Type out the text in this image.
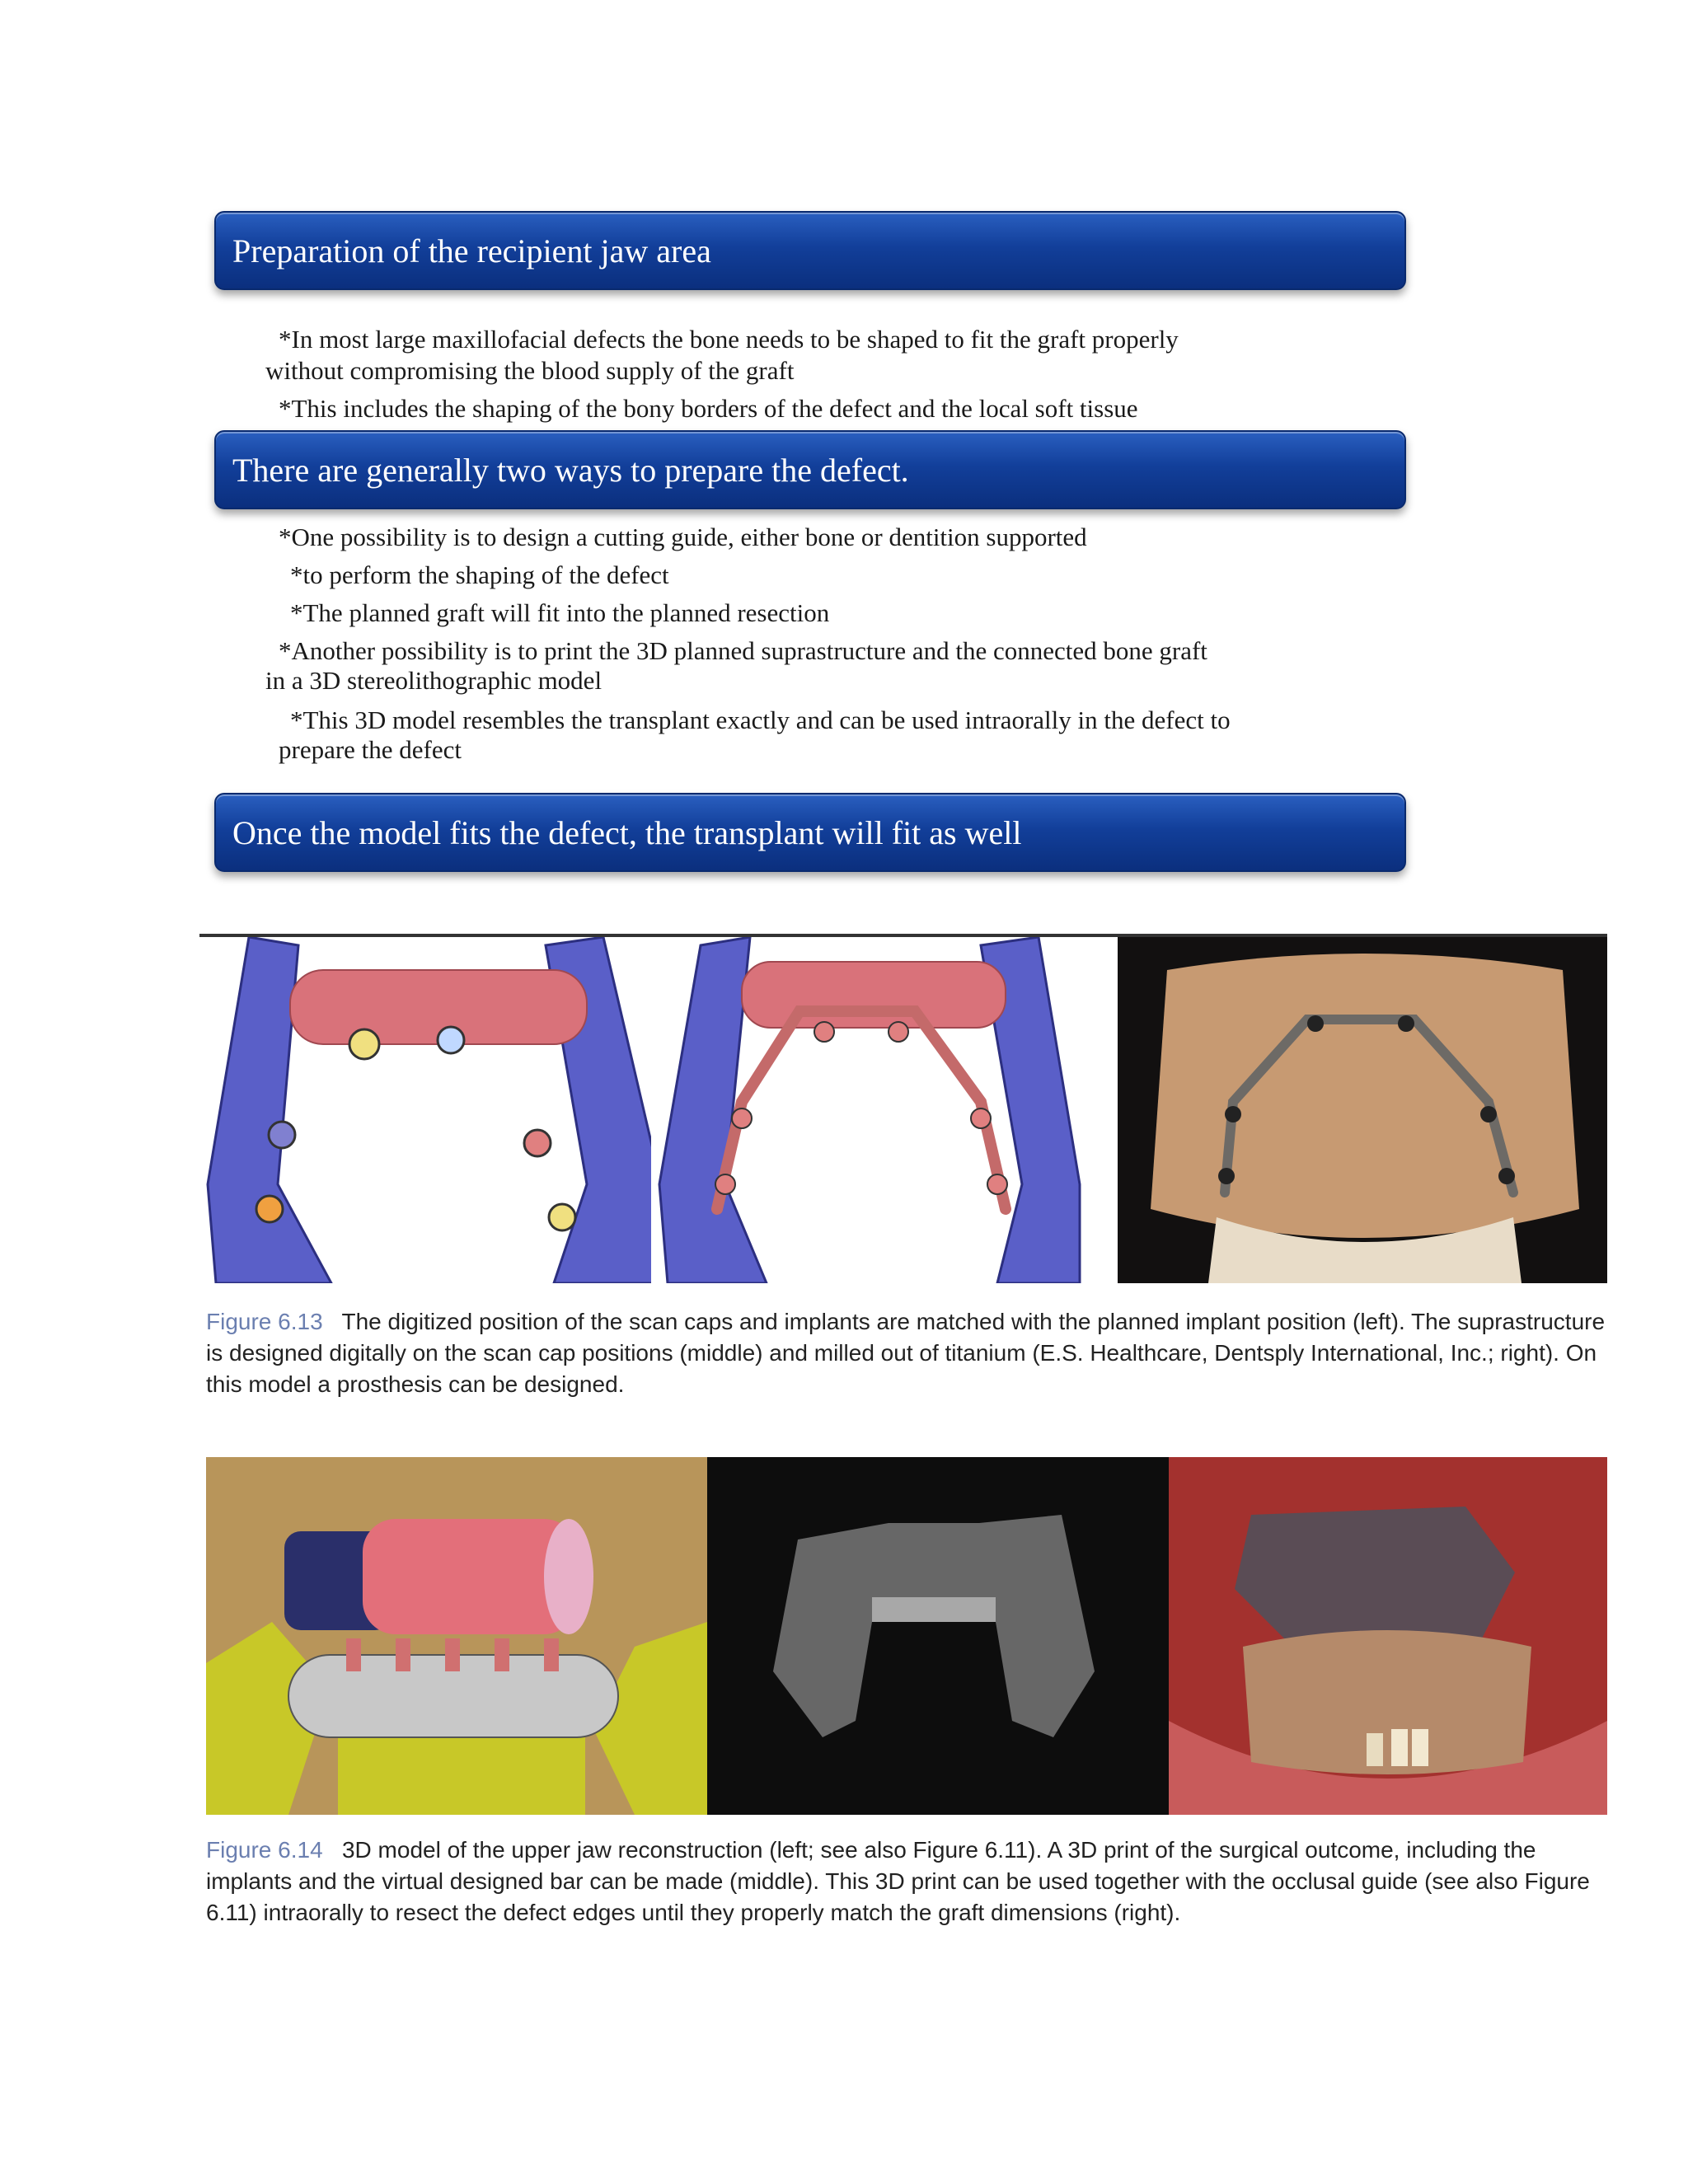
Preparation of the recipient jaw area
*In most large maxillofacial defects the bone needs to be shaped to fit the graft properly
without compromising the blood supply of the graft
*This includes the shaping of the bony borders of the defect and the local soft tissue
There are generally two ways to prepare the defect.
*One possibility is to design a cutting guide, either bone or dentition supported
*to perform the shaping of the defect
*The planned graft will fit into the planned resection
*Another possibility is to print the 3D planned suprastructure and the connected bone graft
in a 3D stereolithographic model
*This 3D model resembles the transplant exactly and can be used intraorally in the defect to
prepare the defect
Once the model fits the defect, the transplant will fit as well
Figure 6.13 The digitized position of the scan caps and implants are matched with the planned implant position (left). The suprastructure is designed digitally on the scan cap positions (middle) and milled out of titanium (E.S. Healthcare, Dentsply International, Inc.; right). On this model a prosthesis can be designed.
Figure 6.14 3D model of the upper jaw reconstruction (left; see also Figure 6.11). A 3D print of the surgical outcome, including the implants and the virtual designed bar can be made (middle). This 3D print can be used together with the occlusal guide (see also Figure 6.11) intraorally to resect the defect edges until they properly match the graft dimensions (right).
